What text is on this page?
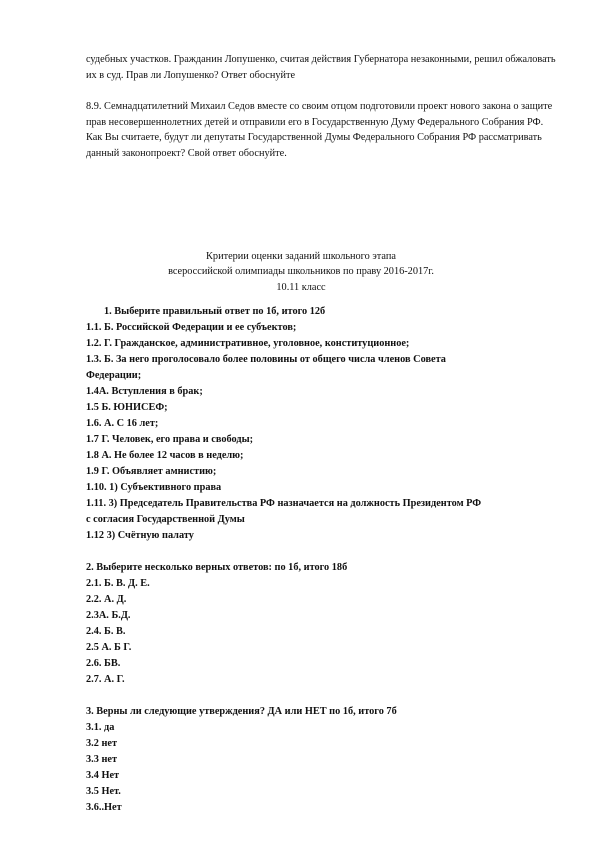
судебных участков. Гражданин Лопушенко, считая действия Губернатора незаконными, решил обжаловать их в суд. Прав ли Лопушенко? Ответ обоснуйте

8.9. Семнадцатилетний Михаил Седов вместе со своим отцом подготовили проект нового закона о защите прав несовершеннолетних детей и отправили его в Государственную Думу Федерального Собрания РФ. Как Вы считаете, будут ли депутаты Государственной Думы Федерального Собрания РФ рассматривать данный законопроект? Свой ответ обоснуйте.

Критерии оценки заданий школьного этапа
всероссийской олимпиады школьников по праву 2016-2017г.
10.11 класс
1. Выберите правильный ответ по 1б, итого 12б
1.1. Б. Российской Федерации и ее субъектов;
1.2. Г. Гражданское, административное, уголовное, конституционное;
1.3. Б. За него проголосовало более половины от общего числа членов Совета
Федерации;
1.4А. Вступления в брак;
1.5 Б. ЮНИСЕФ;
1.6. А. С 16 лет;
1.7 Г. Человек, его права и свободы;
1.8 А. Не более 12 часов в неделю;
1.9 Г. Объявляет амнистию;
1.10. 1) Субъективного права
1.11. 3) Председатель Правительства РФ назначается на должность Президентом РФ
с согласия Государственной Думы
1.12 3) Счётную палату
2. Выберите несколько верных ответов: по 1б, итого 18б
2.1. Б. В. Д. Е.
2.2. А. Д.
2.3А. Б.Д.
2.4. Б. В.
2.5 А. Б Г.
2.6. БВ.
2.7. А. Г.
3. Верны ли следующие утверждения? ДА или НЕТ по 1б, итого 7б
3.1. да
3.2 нет
3.3 нет
3.4 Нет
3.5 Нет.
3.6..Нет
